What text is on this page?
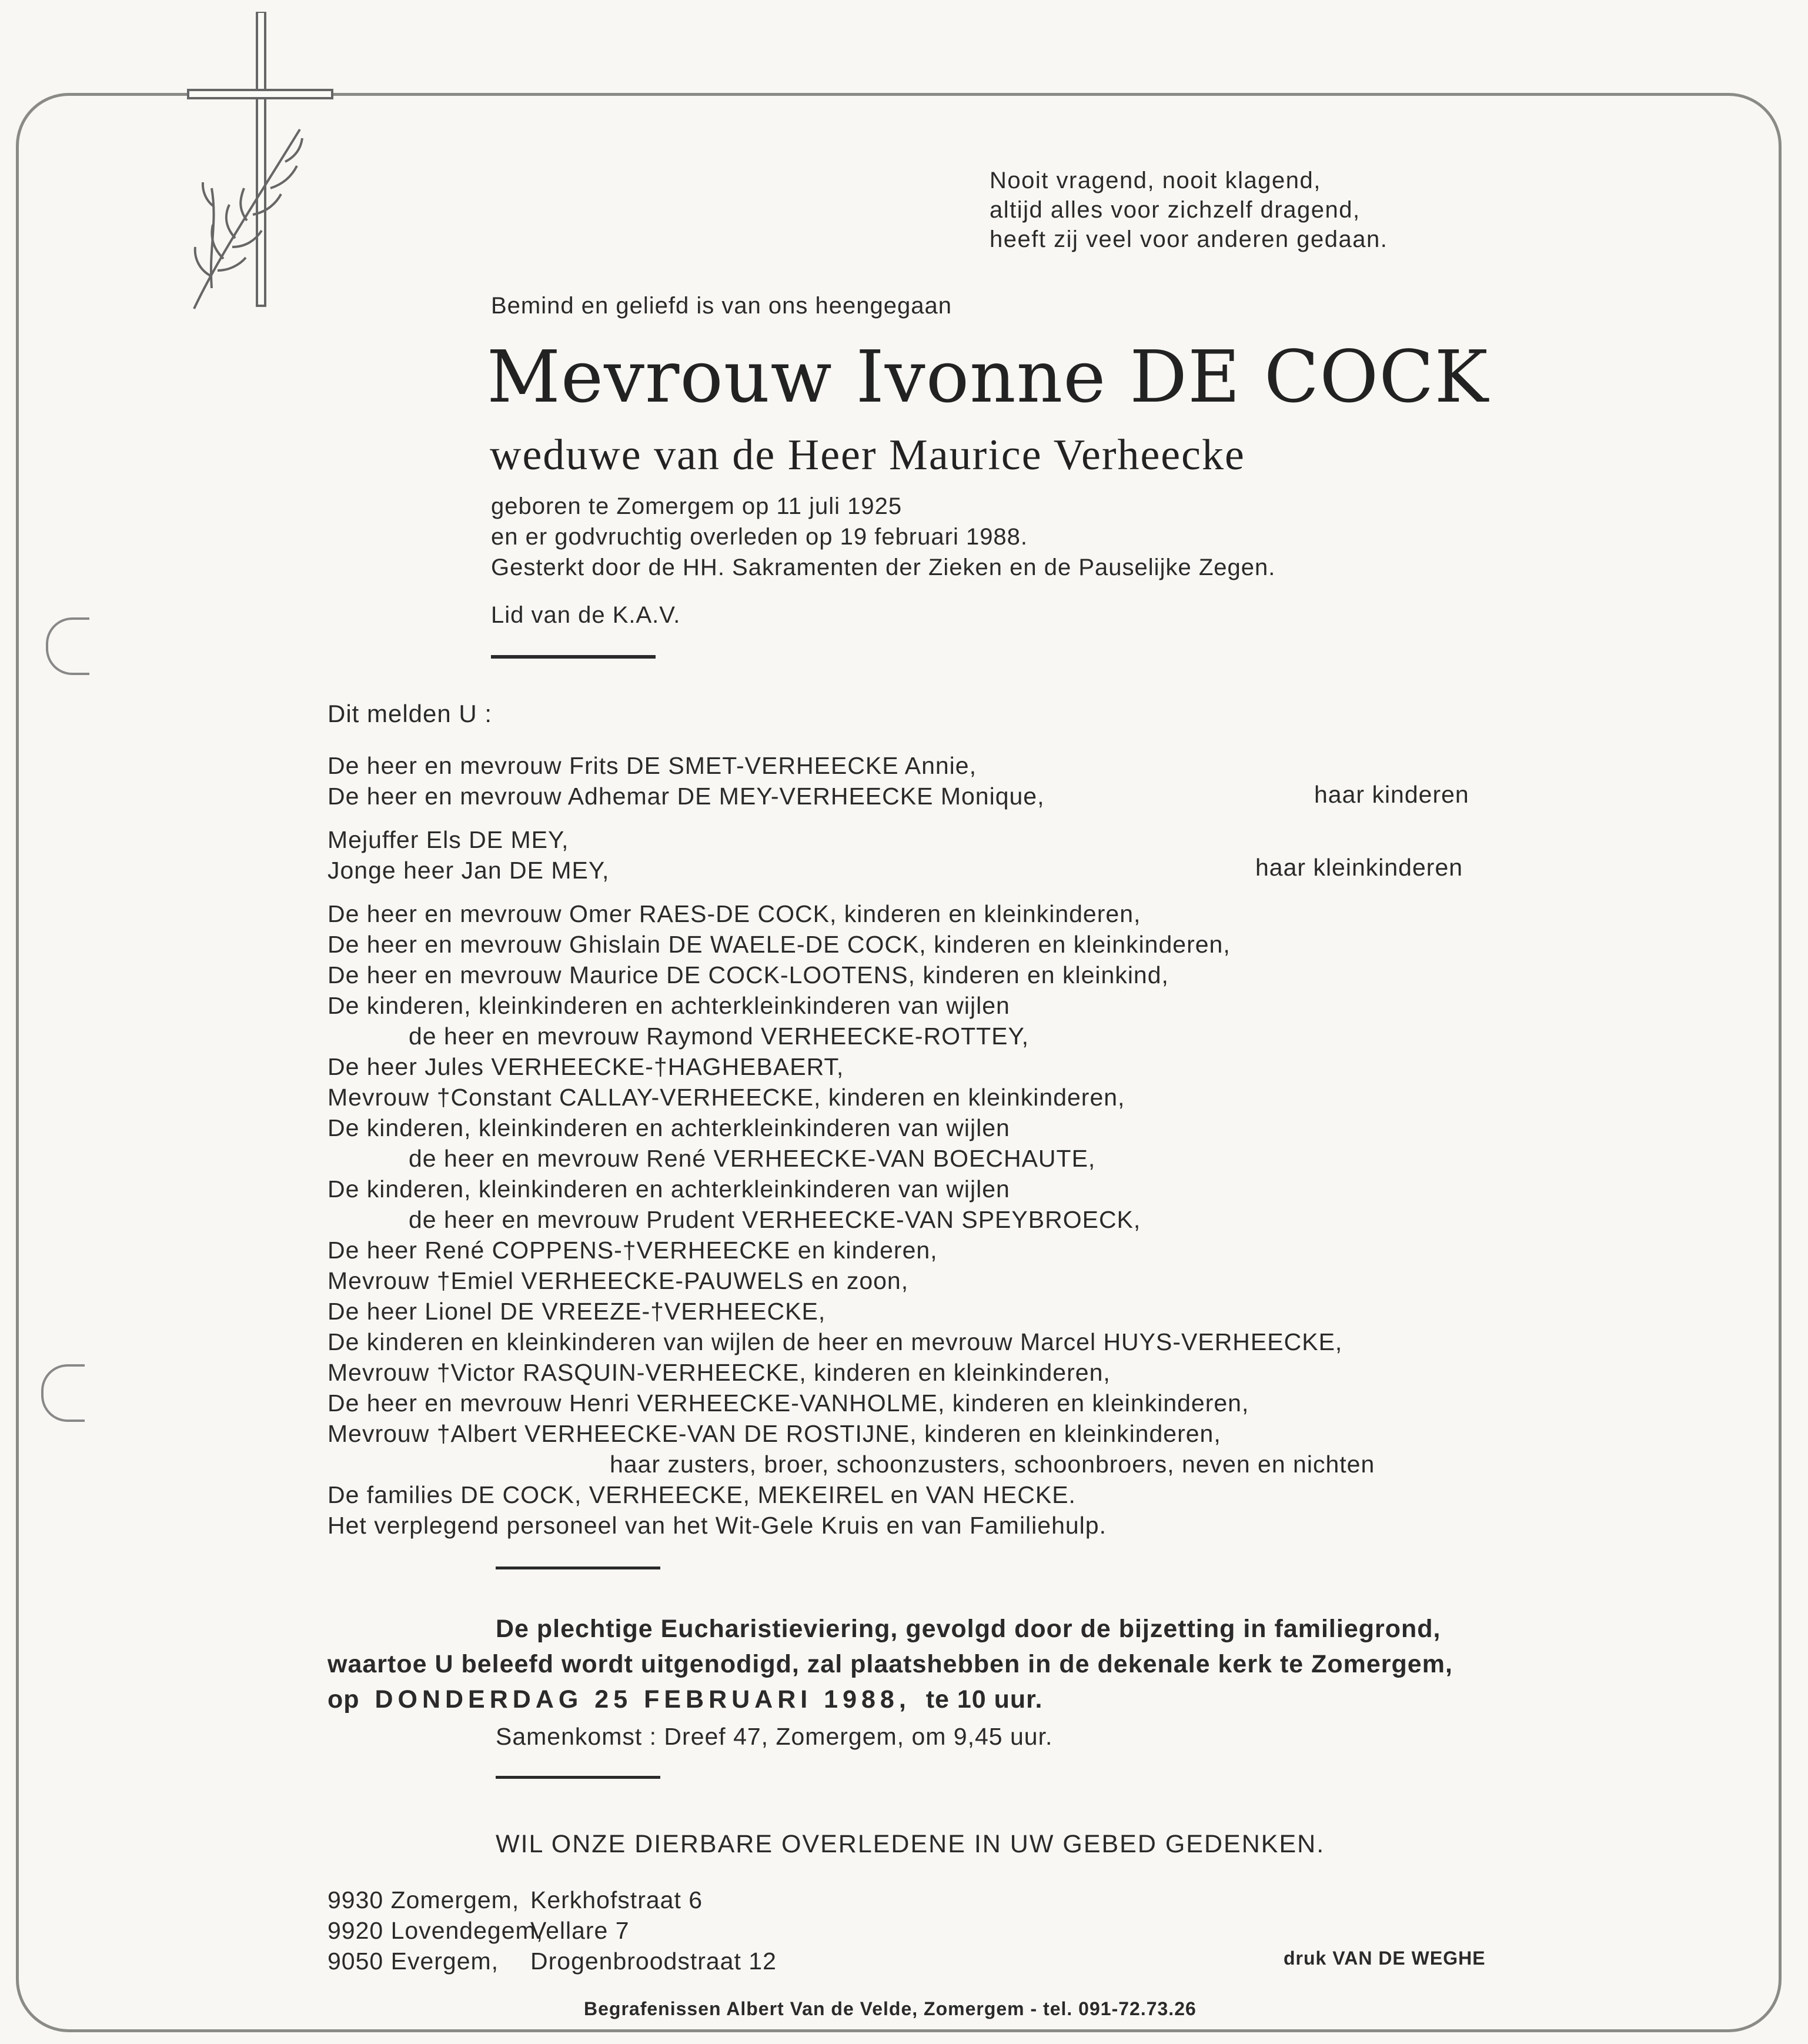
Nooit vragend, nooit klagend,
altijd alles voor zichzelf dragend,
heeft zij veel voor anderen gedaan.

Bemind en geliefd is van ons heengegaan

Mevrouw Ivonne DE COCK

weduwe van de Heer Maurice Verheecke

geboren te Zomergem op 11 juli 1925
en er godvruchtig overleden op 19 februari 1988.
Gesterkt door de HH. Sakramenten der Zieken en de Pauselijke Zegen.

Lid van de K.A.V.

Dit melden U :

De heer en mevrouw Frits DE SMET-VERHEECKE Annie,
De heer en mevrouw Adhemar DE MEY-VERHEECKE Monique,
Mejuffer Els DE MEY,
Jonge heer Jan DE MEY,
De heer en mevrouw Omer RAES-DE COCK, kinderen en kleinkinderen,
De heer en mevrouw Ghislain DE WAELE-DE COCK, kinderen en kleinkinderen,
De heer en mevrouw Maurice DE COCK-LOOTENS, kinderen en kleinkind,
De kinderen, kleinkinderen en achterkleinkinderen van wijlen
de heer en mevrouw Raymond VERHEECKE-ROTTEY,
De heer Jules VERHEECKE-†HAGHEBAERT,
Mevrouw †Constant CALLAY-VERHEECKE, kinderen en kleinkinderen,
De kinderen, kleinkinderen en achterkleinkinderen van wijlen
de heer en mevrouw René VERHEECKE-VAN BOECHAUTE,
De kinderen, kleinkinderen en achterkleinkinderen van wijlen
de heer en mevrouw Prudent VERHEECKE-VAN SPEYBROECK,
De heer René COPPENS-†VERHEECKE en kinderen,
Mevrouw †Emiel VERHEECKE-PAUWELS en zoon,
De heer Lionel DE VREEZE-†VERHEECKE,
De kinderen en kleinkinderen van wijlen de heer en mevrouw Marcel HUYS-VERHEECKE,
Mevrouw †Victor RASQUIN-VERHEECKE, kinderen en kleinkinderen,
De heer en mevrouw Henri VERHEECKE-VANHOLME, kinderen en kleinkinderen,
Mevrouw †Albert VERHEECKE-VAN DE ROSTIJNE, kinderen en kleinkinderen,
haar zusters, broer, schoonzusters, schoonbroers, neven en nichten
De families DE COCK, VERHEECKE, MEKEIREL en VAN HECKE.
Het verplegend personeel van het Wit-Gele Kruis en van Familiehulp.

haar kinderen

haar kleinkinderen

De plechtige Eucharistieviering, gevolgd door de bijzetting in familiegrond,
waartoe U beleefd wordt uitgenodigd, zal plaatshebben in de dekenale kerk te Zomergem,
op DONDERDAG 25 FEBRUARI 1988, te 10 uur.

Samenkomst : Dreef 47, Zomergem, om 9,45 uur.

WIL ONZE DIERBARE OVERLEDENE IN UW GEBED GEDENKEN.

9930 Zomergem, Kerkhofstraat 6
9920 Lovendegem,Vellare 7
9050 Evergem, Drogenbroodstraat 12	druk VAN DE WEGHE

Begrafenissen Albert Van de Velde, Zomergem - tel. 091-72.73.26
